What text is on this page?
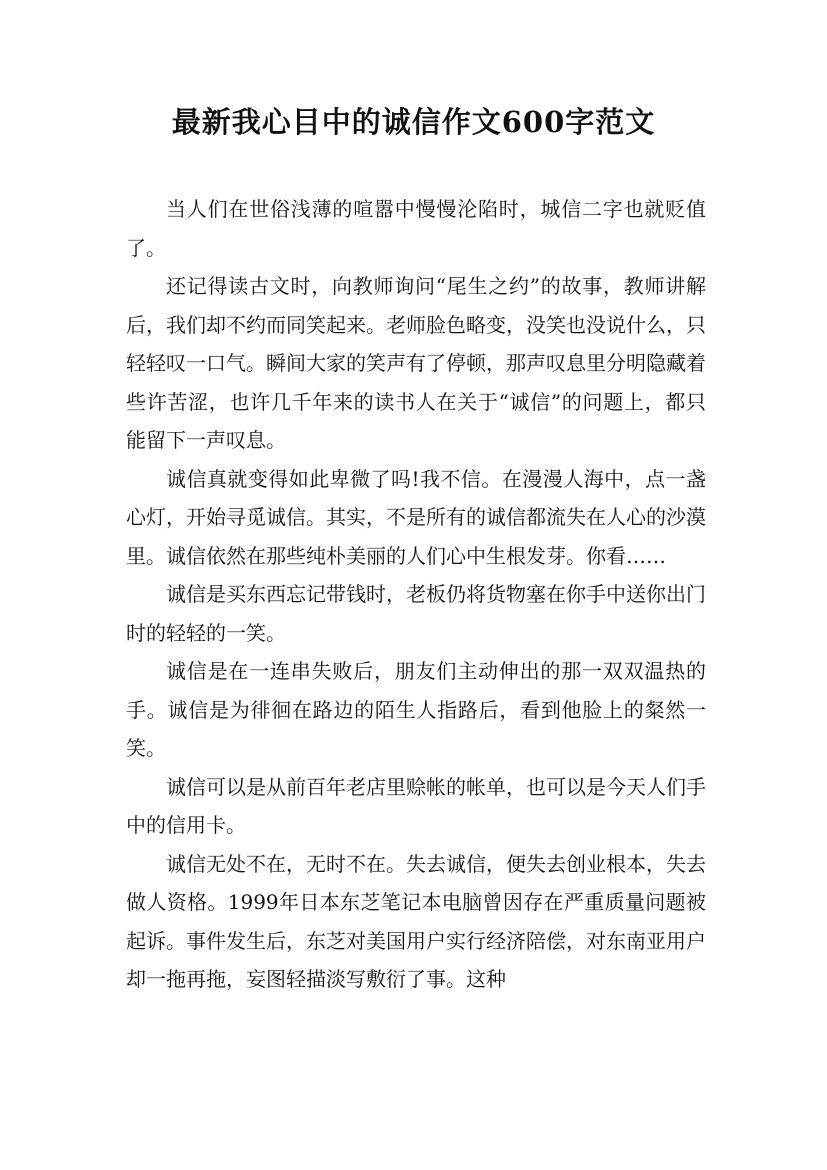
最新我心目中的诚信作文600字范文

当人们在世俗浅薄的喧嚣中慢慢沦陷时，城信二字也就贬值了。

还记得读古文时，向教师询问“尾生之约”的故事，教师讲解后，我们却不约而同笑起来。老师脸色略变，没笑也没说什么，只轻轻叹一口气。瞬间大家的笑声有了停顿，那声叹息里分明隐藏着些许苦涩，也许几千年来的读书人在关于“诚信”的问题上，都只能留下一声叹息。

诚信真就变得如此卑微了吗!我不信。在漫漫人海中，点一盏心灯，开始寻觅诚信。其实，不是所有的诚信都流失在人心的沙漠里。诚信依然在那些纯朴美丽的人们心中生根发芽。你看……

诚信是买东西忘记带钱时，老板仍将货物塞在你手中送你出门时的轻轻的一笑。

诚信是在一连串失败后，朋友们主动伸出的那一双双温热的手。诚信是为徘徊在路边的陌生人指路后，看到他脸上的粲然一笑。

诚信可以是从前百年老店里赊帐的帐单，也可以是今天人们手中的信用卡。

诚信无处不在，无时不在。失去诚信，便失去创业根本，失去做人资格。1999年日本东芝笔记本电脑曾因存在严重质量问题被起诉。事件发生后，东芝对美国用户实行经济陪偿，对东南亚用户却一拖再拖，妄图轻描淡写敷衍了事。这种
